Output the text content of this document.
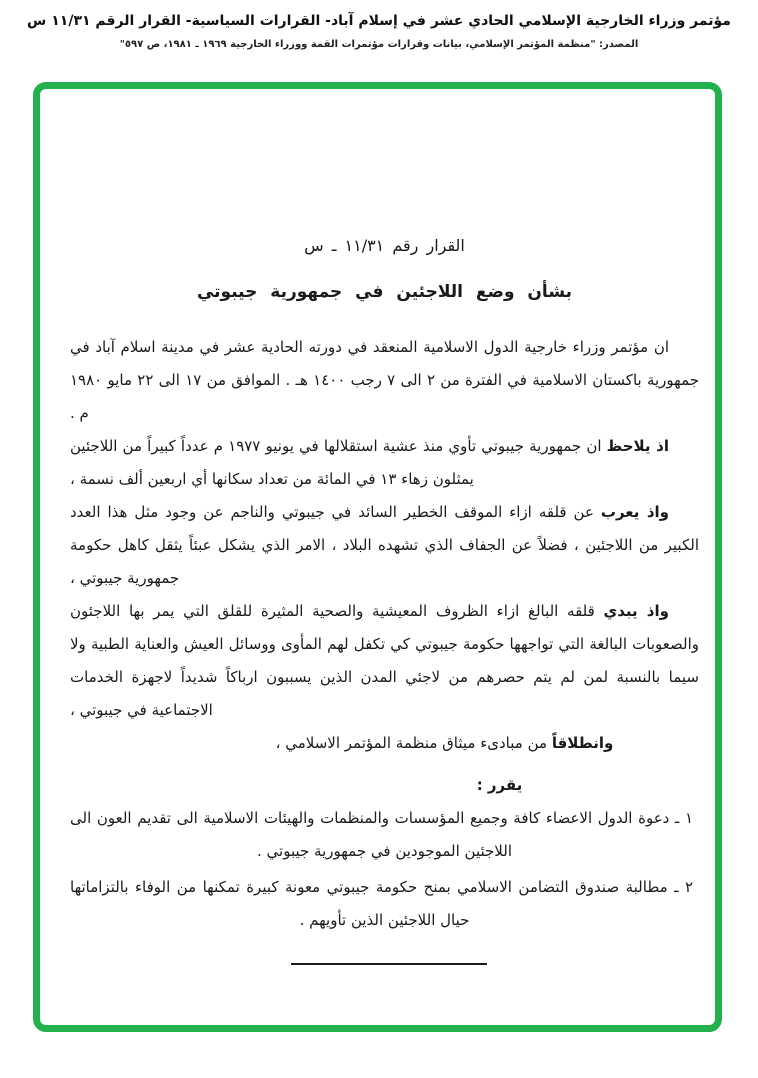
مؤتمر وزراء الخارجية الإسلامي الحادي عشر في إسلام آباد- القرارات السياسية- القرار الرقم ١١/٣١ س

المصدر: "منظمة المؤتمر الإسلامي، بيانات وقرارات مؤتمرات القمة ووزراء الخارجية ١٩٦٩ ـ ١٩٨١، ص ٥٩٧"

القرار رقم ١١/٣١ ـ س

بشأن وضع اللاجئين في جمهورية جيبوتي

ان مؤتمر وزراء خارجية الدول الاسلامية المنعقد في دورته الحادية عشر في مدينة اسلام آباد في جمهورية باكستان الاسلامية في الفترة من ٢ الى ٧ رجب ١٤٠٠ هـ . الموافق من ١٧ الى ٢٢ مايو ١٩٨٠ م .

اذ يلاحظ ان جمهورية جيبوتي تأوي منذ عشية استقلالها في يونيو ١٩٧٧ م عدداً كبيراً من اللاجئين يمثلون زهاء ١٣ في المائة من تعداد سكانها أي اربعين ألف نسمة ،

واذ يعرب عن قلقه ازاء الموقف الخطير السائد في جيبوتي والناجم عن وجود مثل هذا العدد الكبير من اللاجئين ، فضلاً عن الجفاف الذي تشهده البلاد ، الامر الذي يشكل عبئاً يثقل كاهل حكومة جمهورية جيبوتي ،

واذ يبدي قلقه البالغ ازاء الظروف المعيشية والصحية المثيرة للقلق التي يمر بها اللاجئون والصعوبات البالغة التي تواجهها حكومة جيبوتي كي تكفل لهم المأوى ووسائل العيش والعناية الطبية ولا سيما بالنسبة لمن لم يتم حصرهم من لاجئي المدن الذين يسببون ارباكاً شديداً لاجهزة الخدمات الاجتماعية في جيبوتي ،

وانطلاقاً من مبادىء ميثاق منظمة المؤتمر الاسلامي ،

يقرر :

١ ـ دعوة الدول الاعضاء كافة وجميع المؤسسات والمنظمات والهيئات الاسلامية الى تقديم العون الى اللاجئين الموجودين في جمهورية جيبوتي .

٢ ـ مطالبة صندوق التضامن الاسلامي بمنح حكومة جيبوتي معونة كبيرة تمكنها من الوفاء بالتزاماتها حيال اللاجئين الذين تأويهم .
